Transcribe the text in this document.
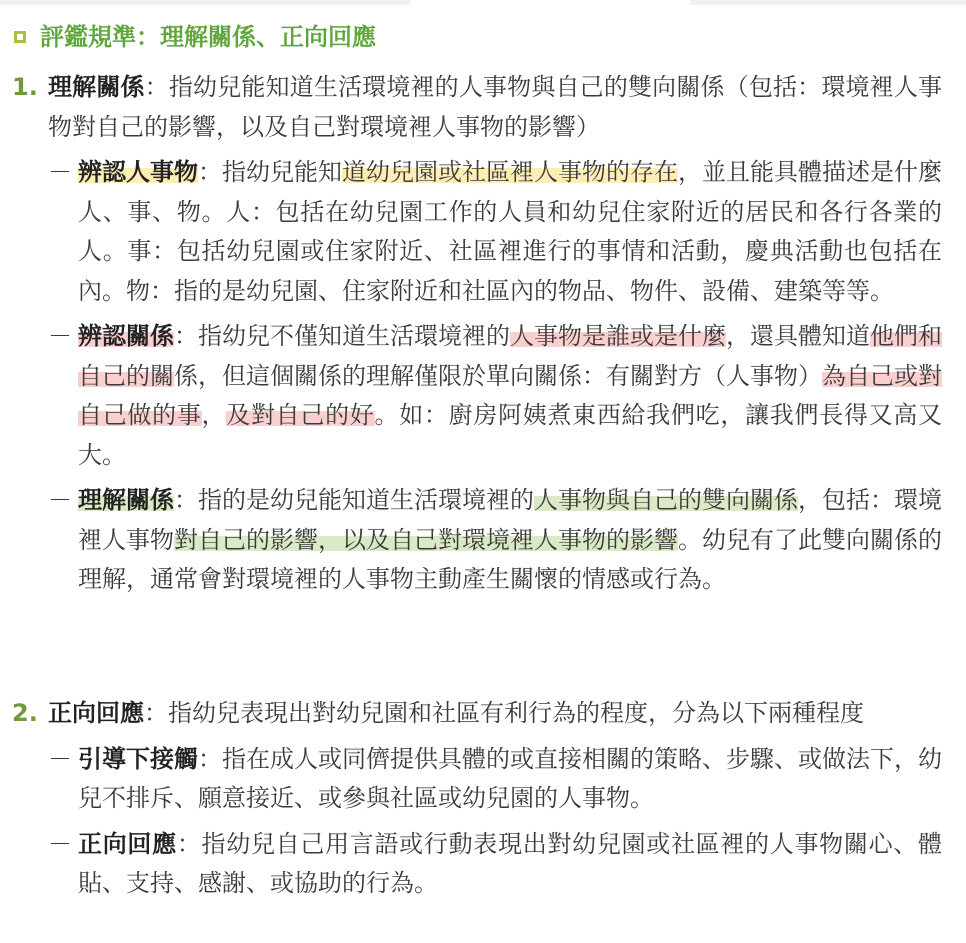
評鑑規準：理解關係、正向回應
1. 理解關係：指幼兒能知道生活環境裡的人事物與自己的雙向關係（包括：環境裡人事物對自己的影響，以及自己對環境裡人事物的影響）
－ 辨認人事物：指幼兒能知道幼兒園或社區裡人事物的存在，並且能具體描述是什麼人、事、物。人：包括在幼兒園工作的人員和幼兒住家附近的居民和各行各業的人。事：包括幼兒園或住家附近、社區裡進行的事情和活動，慶典活動也包括在內。物：指的是幼兒園、住家附近和社區內的物品、物件、設備、建築等等。
－ 辨認關係：指幼兒不僅知道生活環境裡的人事物是誰或是什麼，還具體知道他們和自己的關係，但這個關係的理解僅限於單向關係：有關對方（人事物）為自己或對自己做的事，及對自己的好。如：廚房阿姨煮東西給我們吃，讓我們長得又高又大。
－ 理解關係：指的是幼兒能知道生活環境裡的人事物與自己的雙向關係，包括：環境裡人事物對自己的影響，以及自己對環境裡人事物的影響。幼兒有了此雙向關係的理解，通常會對環境裡的人事物主動產生關懷的情感或行為。
2. 正向回應：指幼兒表現出對幼兒園和社區有利行為的程度，分為以下兩種程度
－ 引導下接觸：指在成人或同儕提供具體的或直接相關的策略、步驟、或做法下，幼兒不排斥、願意接近、或參與社區或幼兒園的人事物。
－ 正向回應：指幼兒自己用言語或行動表現出對幼兒園或社區裡的人事物關心、體貼、支持、感謝、或協助的行為。
